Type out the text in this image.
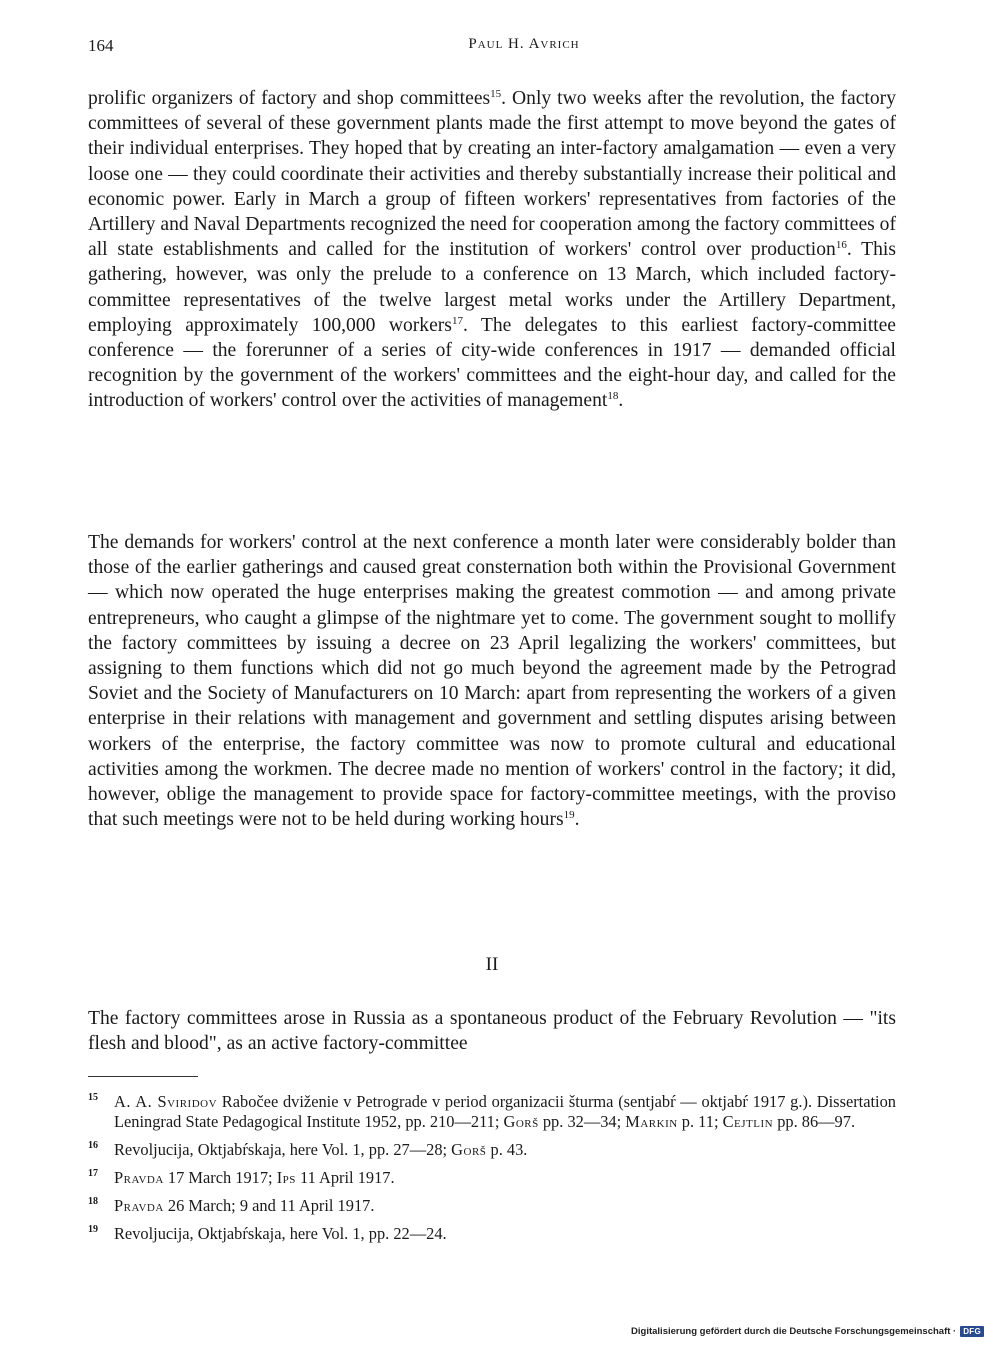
164	Paul H. Avrich
prolific organizers of factory and shop committees$^{15}$. Only two weeks after the revolution, the factory committees of several of these government plants made the first attempt to move beyond the gates of their individual enterprises. They hoped that by creating an inter-factory amalgamation — even a very loose one — they could coordinate their activities and thereby substantially increase their political and economic power. Early in March a group of fifteen workers' representatives from factories of the Artillery and Naval Departments recognized the need for cooperation among the factory committees of all state establishments and called for the institution of workers' control over production$^{16}$. This gathering, however, was only the prelude to a conference on 13 March, which included factory-committee representatives of the twelve largest metal works under the Artillery Department, employing approximately 100,000 workers$^{17}$. The delegates to this earliest factory-committee conference — the forerunner of a series of city-wide conferences in 1917 — demanded official recognition by the government of the workers' committees and the eight-hour day, and called for the introduction of workers' control over the activities of management$^{18}$.
The demands for workers' control at the next conference a month later were considerably bolder than those of the earlier gatherings and caused great consternation both within the Provisional Government — which now operated the huge enterprises making the greatest commotion — and among private entrepreneurs, who caught a glimpse of the nightmare yet to come. The government sought to mollify the factory committees by issuing a decree on 23 April legalizing the workers' committees, but assigning to them functions which did not go much beyond the agreement made by the Petrograd Soviet and the Society of Manufacturers on 10 March: apart from representing the workers of a given enterprise in their relations with management and government and settling disputes arising between workers of the enterprise, the factory committee was now to promote cultural and educational activities among the workmen. The decree made no mention of workers' control in the factory; it did, however, oblige the management to provide space for factory-committee meetings, with the proviso that such meetings were not to be held during working hours$^{19}$.
II
The factory committees arose in Russia as a spontaneous product of the February Revolution — "its flesh and blood", as an active factory-committee
15 A. A. Sviridov Rabočee dviženie v Petrograde v period organizacii šturma (sentjabŕ — oktjabŕ 1917 g.). Dissertation Leningrad State Pedagogical Institute 1952, pp. 210—211; Gorš pp. 32—34; Markin p. 11; Cejtlin pp. 86—97.
16 Revoljucija, Oktjabŕskaja, here Vol. 1, pp. 27—28; Gorš p. 43.
17 Pravda 17 March 1917; Ips 11 April 1917.
18 Pravda 26 March; 9 and 11 April 1917.
19 Revoljucija, Oktjabŕskaja, here Vol. 1, pp. 22—24.
Digitalisierung gefördert durch die Deutsche Forschungsgemeinschaft · DFG
